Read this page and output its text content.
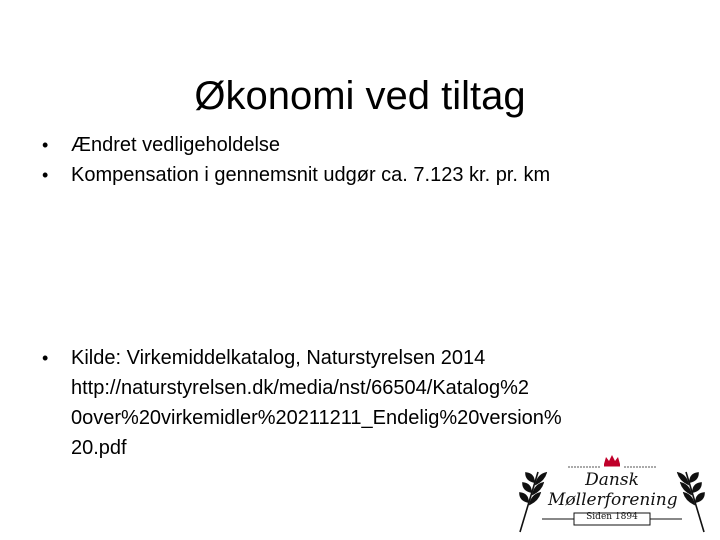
Økonomi ved tiltag
• Ændret vedligeholdelse
• Kompensation i gennemsnit udgør ca. 7.123 kr. pr. km
• Kilde: Virkemiddelkatalog, Naturstyrelsen 2014
http://naturstyrelsen.dk/media/nst/66504/Katalog%2
0over%20virkemidler%20211211_Endelig%20version%
20.pdf
Dansk
Møllerforening
Siden 1894
